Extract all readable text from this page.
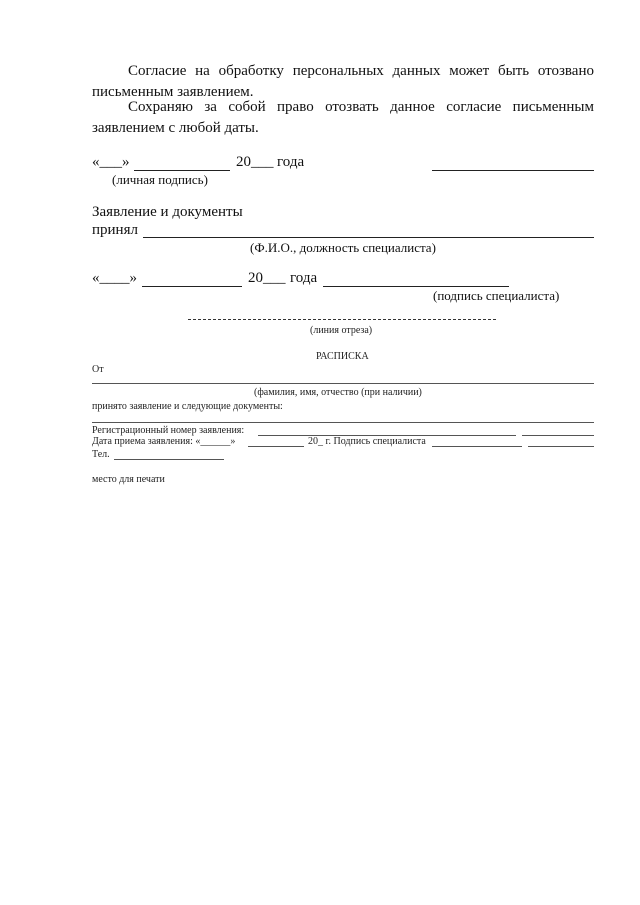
Согласие на обработку персональных данных может быть отозвано письменным заявлением.
Сохраняю за собой право отозвать данное согласие письменным заявлением с любой даты.
«___»	20___ года
(личная подпись)
Заявление и документы
принял
(Ф.И.О., должность специалиста)
«____»	20___ года
(подпись специалиста)
(линия отреза)
РАСПИСКА
От
(фамилия, имя, отчество (при наличии)
принято заявление и следующие документы:
Регистрационный номер заявления:
Дата приема заявления: «______»	20_ г. Подпись специалиста
Тел.
место для печати
